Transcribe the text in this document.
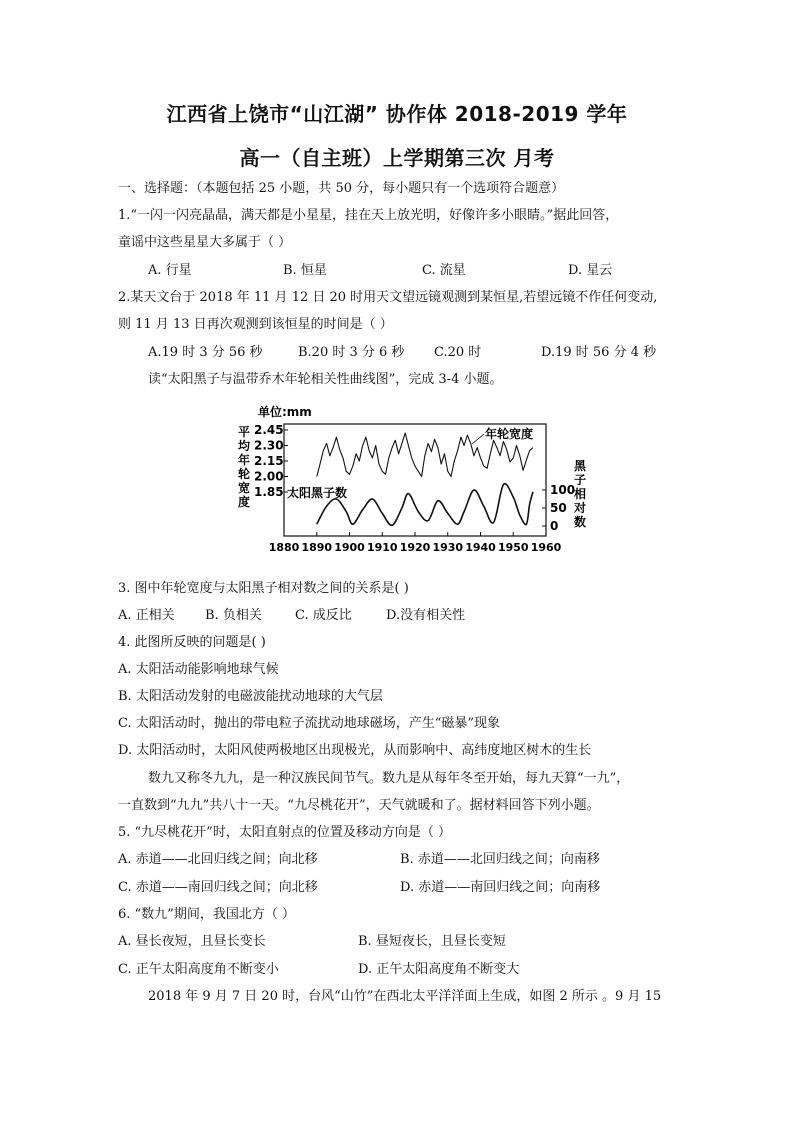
江西省上饶市“山江湖” 协作体 2018-2019 学年
高一（自主班）上学期第三次 月考
一、选择题：（本题包括 25 小题，共 50 分，每小题只有一个选项符合题意）
1.“一闪一闪亮晶晶，满天都是小星星，挂在天上放光明，好像许多小眼睛。”据此回答，
童谣中这些星星大多属于（ ）
A. 行星	B. 恒星	C. 流星	D. 星云
2.某天文台于 2018 年 11 月 12 日 20 时用天文望远镜观测到某恒星,若望远镜不作任何变动,
则 11 月 13 日再次观测到该恒星的时间是（ ）
A.19 时 3 分 56 秒	B.20 时 3 分 6 秒 C.20 时	D.19 时 56 分 4 秒
读“太阳黑子与温带乔木年轮相关性曲线图”，完成 3-4 小题。
单位:mm
平均年轮宽度
黑子相对数
2.45
2.30
2.15
2.00
1.85	100
50
0
1880 1890 1900 1910 1920 1930 1940 1950 1960
年轮宽度
太阳黑子数
3. 图中年轮宽度与太阳黑子相对数之间的关系是( )
A. 正相关 B. 负相关	C. 成反比	D.没有相关性
4. 此图所反映的问题是( )
A. 太阳活动能影响地球气候
B. 太阳活动发射的电磁波能扰动地球的大气层
C. 太阳活动时，抛出的带电粒子流扰动地球磁场，产生“磁暴”现象
D. 太阳活动时，太阳风使两极地区出现极光，从而影响中、高纬度地区树木的生长
数九又称冬九九，是一种汉族民间节气。数九是从每年冬至开始，每九天算“一九”，
一直数到“九九”共八十一天。“九尽桃花开”，天气就暖和了。据材料回答下列小题。
5. “九尽桃花开”时，太阳直射点的位置及移动方向是（ ）
A. 赤道——北回归线之间；向北移	B. 赤道——北回归线之间；向南移
C. 赤道——南回归线之间；向北移	D. 赤道——南回归线之间；向南移
6. “数九”期间，我国北方（ ）
A. 昼长夜短，且昼长变长	B. 昼短夜长，且昼长变短
C. 正午太阳高度角不断变小	D. 正午太阳高度角不断变大
2018 年 9 月 7 日 20 时，台风“山竹”在西北太平洋洋面上生成，如图 2 所示 。9 月 15
